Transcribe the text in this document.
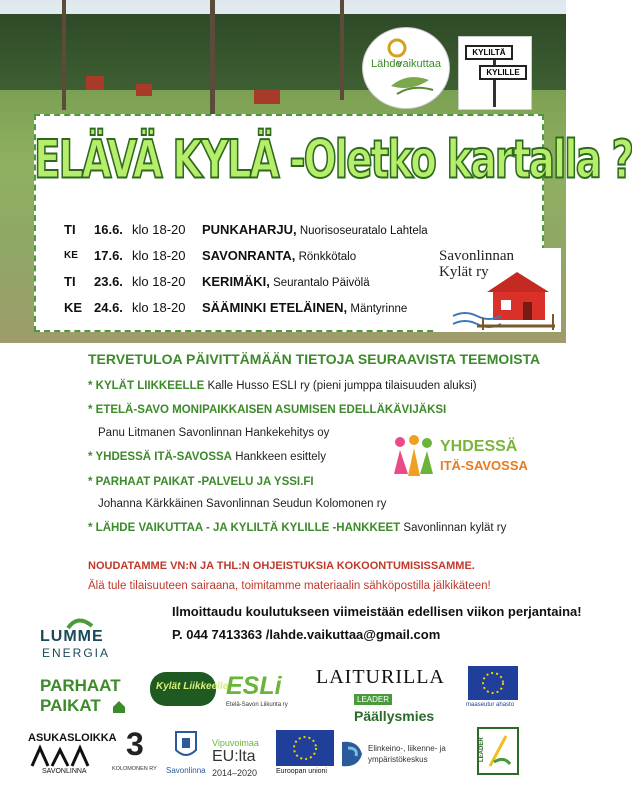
Lähde
vaikuttaa
KYLILTÄ
KYLILLE
ELÄVÄ KYLÄ -Oletko kartalla ?
TI 16.6. klo 18-20 PUNKAHARJU, Nuorisoseuratalo Lahtela
KE 17.6. klo 18-20 SAVONRANTA, Rönkkötalo
TI 23.6. klo 18-20 KERIMÄKI, Seurantalo Päivölä
KE 24.6. klo 18-20 SÄÄMINKI ETELÄINEN, Mäntyrinne
Savonlinnan
Kylät ry
TERVETULOA PÄIVITTÄMÄÄN TIETOJA SEURAAVISTA TEEMOISTA
* KYLÄT LIIKKEELLE Kalle Husso ESLI ry (pieni jumppa tilaisuuden aluksi)
* ETELÄ-SAVO MONIPAIKKAISEN ASUMISEN EDELLÄKÄVIJÄKSI
Panu Litmanen Savonlinnan Hankekehitys oy
* YHDESSÄ ITÄ-SAVOSSA Hankkeen esittely
* PARHAAT PAIKAT -PALVELU JA YSSI.FI
Johanna Kärkkäinen Savonlinnan Seudun Kolomonen ry
* LÄHDE VAIKUTTAA - JA KYLILTÄ KYLILLE -HANKKEET Savonlinnan kylät ry
YHDESSÄ
ITÄ-SAVOSSA
NOUDATAMME VN:N JA THL:N OHJEISTUKSIA KOKOONTUMISISSAMME.
Älä tule tilaisuuteen sairaana, toimitamme materiaalin sähköpostilla jälkikäteen!
Ilmoittaudu koulutukseen viimeistään edellisen viikon perjantaina!
P. 044 7413363 /lahde.vaikuttaa@gmail.com
LUMME
ENERGIA
PARHAAT
PAIKAT
Kylät Liikkeelle
ESLi
Etelä-Savon Liikunta ry
LAITURILLA
LEADER
Päällysmies
maaseutur ahasto
ASUKASLOIKKA
SAVONLINNA
3
KOLOMONEN RY Savonlinna
Vipuvoimaa
EU:lta
2014–2020	Euroopan unioni
Elinkeino-, liikenne- ja
ympäristökeskus	LEADER
